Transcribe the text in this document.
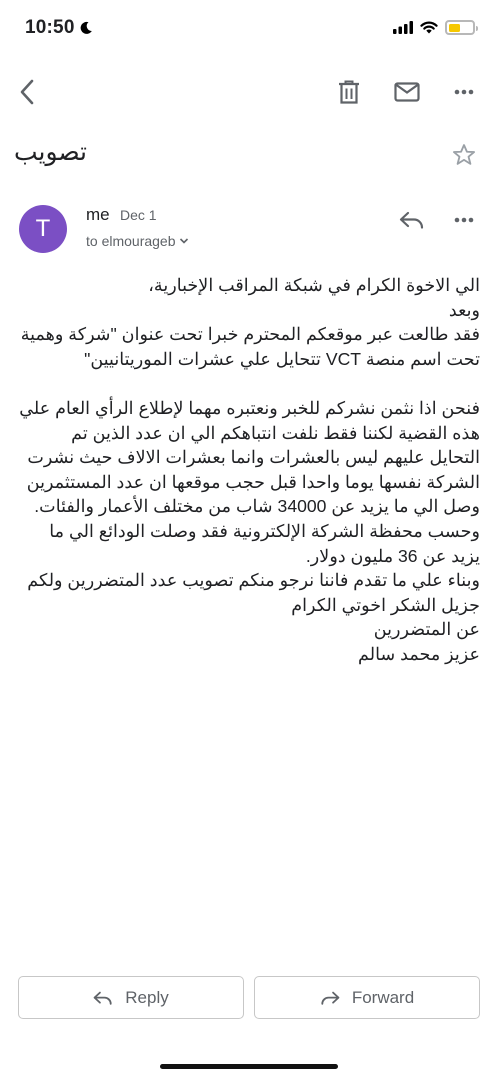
10:50
تصويب
T
me Dec 1
to elmourageb

الي الاخوة الكرام في شبكة المراقب الإخبارية،

وبعد

فقد طالعت عبر موقعكم المحترم خبرا تحت عنوان "شركة وهمية تحت اسم منصة VCT تتحايل علي عشرات الموريتانيين"

فنحن اذا نثمن نشركم للخبر ونعتبره مهما لإطلاع الرأي العام علي هذه القضية لكننا فقط نلفت انتباهكم الي ان عدد الذين تم التحايل عليهم ليس بالعشرات وانما بعشرات الالاف حيث نشرت الشركة نفسها يوما واحدا قبل حجب موقعها ان عدد المستثمرين وصل الي ما يزيد عن 34000 شاب من مختلف الأعمار والفئات.

وحسب محفظة الشركة الإلكترونية فقد وصلت الودائع الي ما يزيد عن 36 مليون دولار.

وبناء علي ما تقدم فاننا نرجو منكم تصويب عدد المتضررين ولكم جزيل الشكر اخوتي الكرام

عن المتضررين

عزيز محمد سالم

Reply	Forward
